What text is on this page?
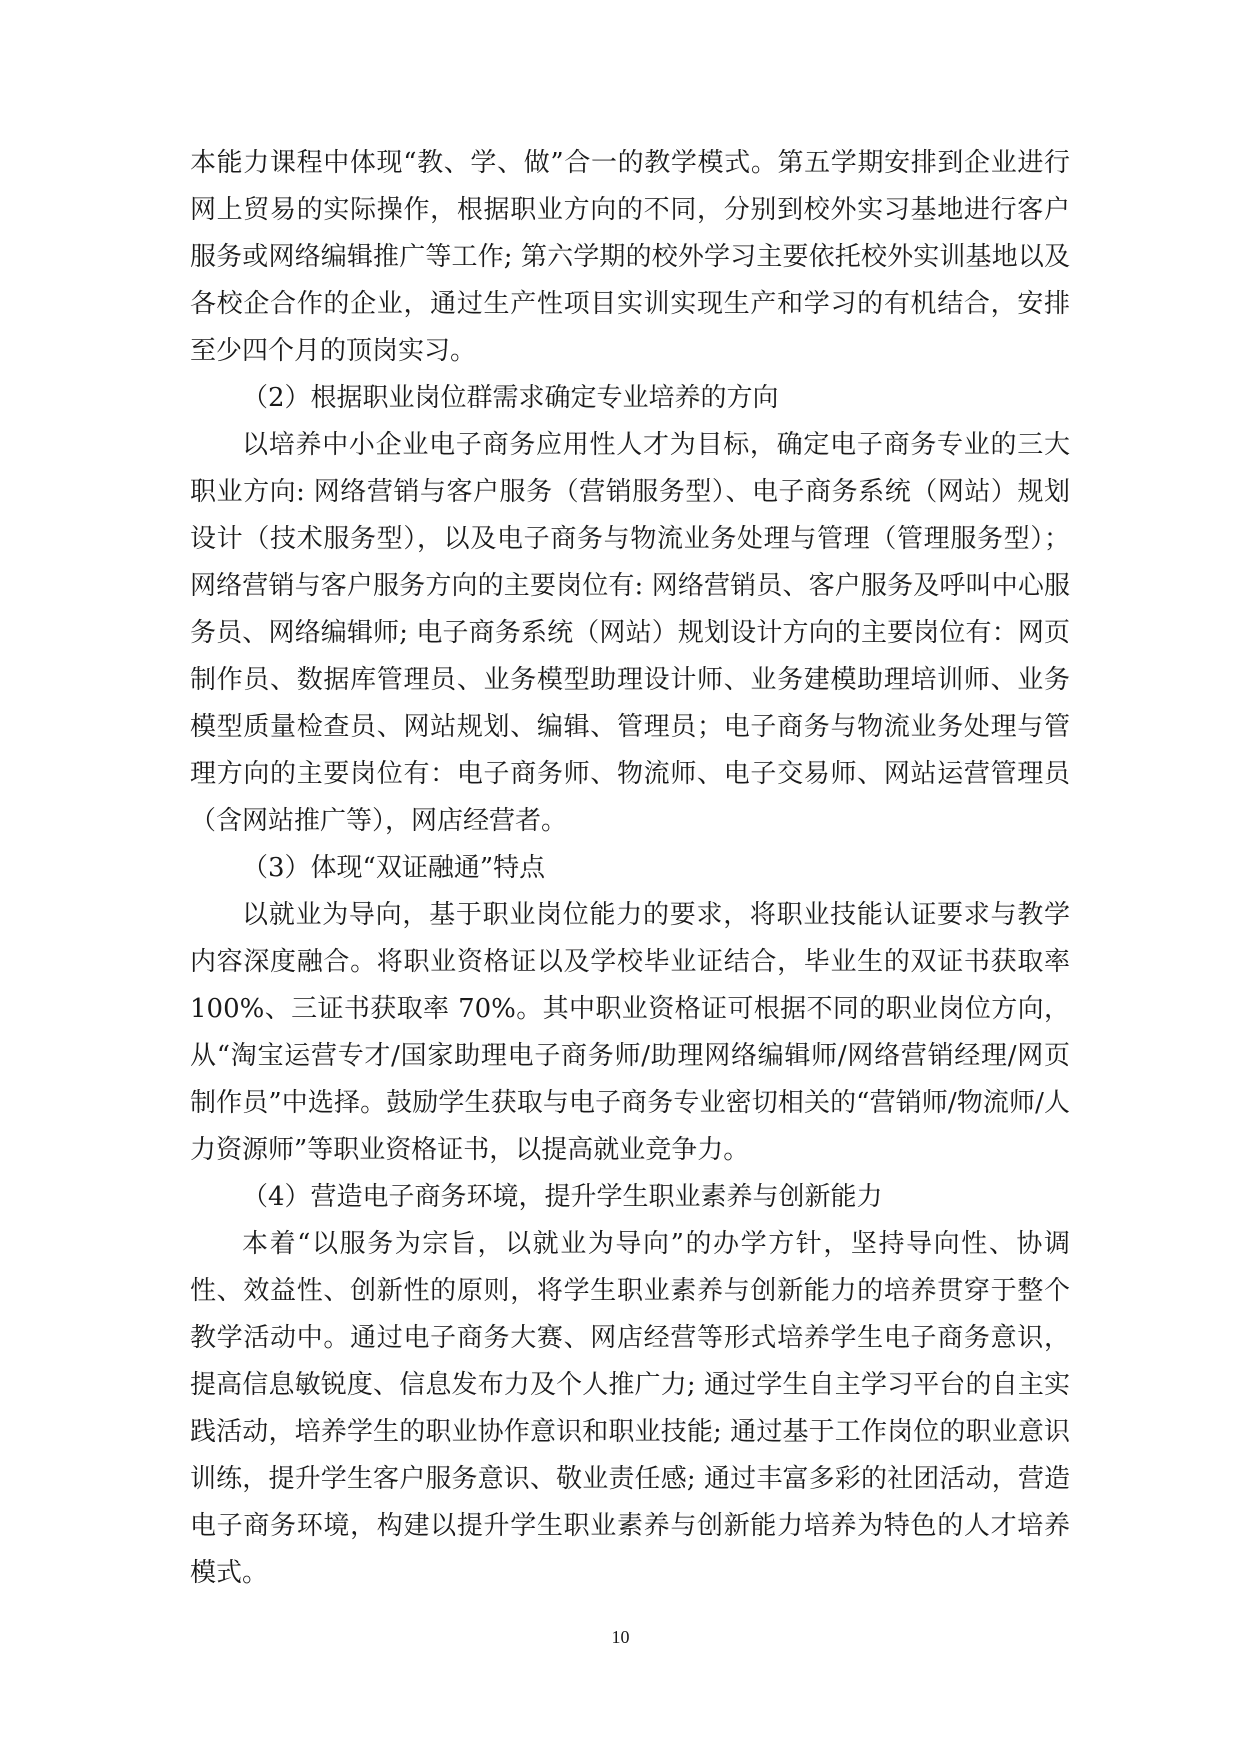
本能力课程中体现“教、学、做”合一的教学模式。第五学期安排到企业进行网上贸易的实际操作，根据职业方向的不同，分别到校外实习基地进行客户服务或网络编辑推广等工作; 第六学期的校外学习主要依托校外实训基地以及各校企合作的企业，通过生产性项目实训实现生产和学习的有机结合，安排至少四个月的顶岗实习。

（2）根据职业岗位群需求确定专业培养的方向

以培养中小企业电子商务应用性人才为目标，确定电子商务专业的三大职业方向: 网络营销与客户服务（营销服务型）、电子商务系统（网站）规划设计（技术服务型），以及电子商务与物流业务处理与管理（管理服务型）；网络营销与客户服务方向的主要岗位有: 网络营销员、客户服务及呼叫中心服务员、网络编辑师; 电子商务系统（网站）规划设计方向的主要岗位有：网页制作员、数据库管理员、业务模型助理设计师、业务建模助理培训师、业务模型质量检查员、网站规划、编辑、管理员；电子商务与物流业务处理与管理方向的主要岗位有：电子商务师、物流师、电子交易师、网站运营管理员（含网站推广等），网店经营者。

（3）体现“双证融通”特点

以就业为导向，基于职业岗位能力的要求，将职业技能认证要求与教学内容深度融合。将职业资格证以及学校毕业证结合，毕业生的双证书获取率 100%、三证书获取率 70%。其中职业资格证可根据不同的职业岗位方向，从“淘宝运营专才/国家助理电子商务师/助理网络编辑师/网络营销经理/网页制作员”中选择。鼓励学生获取与电子商务专业密切相关的“营销师/物流师/人力资源师”等职业资格证书，以提高就业竞争力。

（4）营造电子商务环境，提升学生职业素养与创新能力

本着“以服务为宗旨，以就业为导向”的办学方针，坚持导向性、协调性、效益性、创新性的原则，将学生职业素养与创新能力的培养贯穿于整个教学活动中。通过电子商务大赛、网店经营等形式培养学生电子商务意识，提高信息敏锐度、信息发布力及个人推广力; 通过学生自主学习平台的自主实践活动，培养学生的职业协作意识和职业技能; 通过基于工作岗位的职业意识训练，提升学生客户服务意识、敬业责任感; 通过丰富多彩的社团活动，营造电子商务环境，构建以提升学生职业素养与创新能力培养为特色的人才培养模式。

10
